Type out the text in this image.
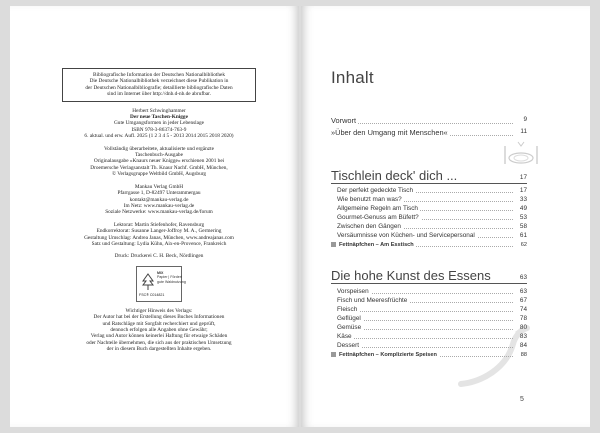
Bibliografische Information der Deutschen Nationalbibliothek
Die Deutsche Nationalbibliothek verzeichnet diese Publikation in
der Deutschen Nationalbibliografie; detaillierte bibliografische Daten
sind im Internet über http://dnb.d-nb.de abrufbar.
Herbert Schwinghammer
Der neue Taschen-Knigge
Gute Umgangsformen in jeder Lebenslage
ISBN 978-3-86374-763-9
6. aktual. und erw. Aufl. 2025 (1 2 3 4 5 - 2013 2014 2015 2018 2020)
Vollständig überarbeitete, aktualisierte und ergänzte
Taschenbuch-Ausgabe
Originalausgabe »Knaurs neuer Knigge« erschienen 2001 bei
Droemersche Verlagsanstalt Th. Knaur Nachf. GmbH, München,
© Verlagsgruppe Weltbild GmbH, Augsburg
Mankau Verlag GmbH
Pfarrgasse 1, D-82497 Unterammergau
kontakt@mankau-verlag.de
Im Netz: www.mankau-verlag.de
Soziale Netzwerke: www.mankau-verlag.de/forum
Lektorat: Martin Stiefenhofer, Ravensburg
Endkorrektorat: Susanne Langer-Joffroy M. A., Germering
Gestaltung Umschlag: Andrea Janas, München, www.andreajanas.com
Satz und Gestaltung: Lydia Kühn, Aix-en-Provence, Frankreich
Druck: Druckerei C. H. Beck, Nördlingen
MIX
Papier | Fördert
gute Waldnutzung
FSC® C014821
Wichtiger Hinweis des Verlags:
Der Autor hat bei der Erstellung dieses Buches Informationen
und Ratschläge mit Sorgfalt recherchiert und geprüft,
dennoch erfolgen alle Angaben ohne Gewähr;
Verlag und Autor können keinerlei Haftung für etwaige Schäden
oder Nachteile übernehmen, die sich aus der praktischen Umsetzung
der in diesem Buch dargestellten Inhalte ergeben.
Inhalt
Vorwort	9
»Über den Umgang mit Menschen«	11
Tischlein deck' dich ...	17
Der perfekt gedeckte Tisch	17
Wie benutzt man was?	33
Allgemeine Regeln am Tisch	49
Gourmet-Genuss am Büfett?	53
Zwischen den Gängen	58
Versäumnisse von Küchen- und Servicepersonal	61
Fettnäpfchen – Am Esstisch	62
Die hohe Kunst des Essens	63
Vorspeisen	63
Fisch und Meeresfrüchte	67
Fleisch	74
Geflügel	78
Gemüse	80
Käse	83
Dessert	84
Fettnäpfchen – Komplizierte Speisen	88
5
